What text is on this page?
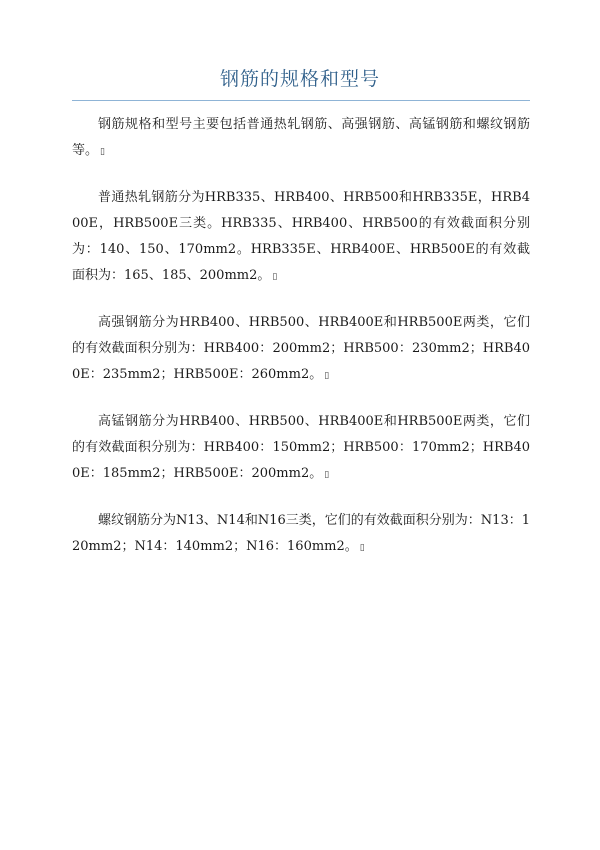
钢筋的规格和型号

钢筋规格和型号主要包括普通热轧钢筋、高强钢筋、高锰钢筋和螺纹钢筋等。 ▯

普通热轧钢筋分为HRB335、HRB400、HRB500和HRB335E，HRB400E，HRB500E三类。HRB335、HRB400、HRB500的有效截面积分别为：140、150、170mm2。HRB335E、HRB400E、HRB500E的有效截面积为：165、185、200mm2。 ▯

高强钢筋分为HRB400、HRB500、HRB400E和HRB500E两类，它们的有效截面积分别为：HRB400：200mm2；HRB500：230mm2；HRB400E：235mm2；HRB500E：260mm2。 ▯

高锰钢筋分为HRB400、HRB500、HRB400E和HRB500E两类，它们的有效截面积分别为：HRB400：150mm2；HRB500：170mm2；HRB400E：185mm2；HRB500E：200mm2。 ▯

螺纹钢筋分为N13、N14和N16三类，它们的有效截面积分别为：N13：120mm2；N14：140mm2；N16：160mm2。 ▯
